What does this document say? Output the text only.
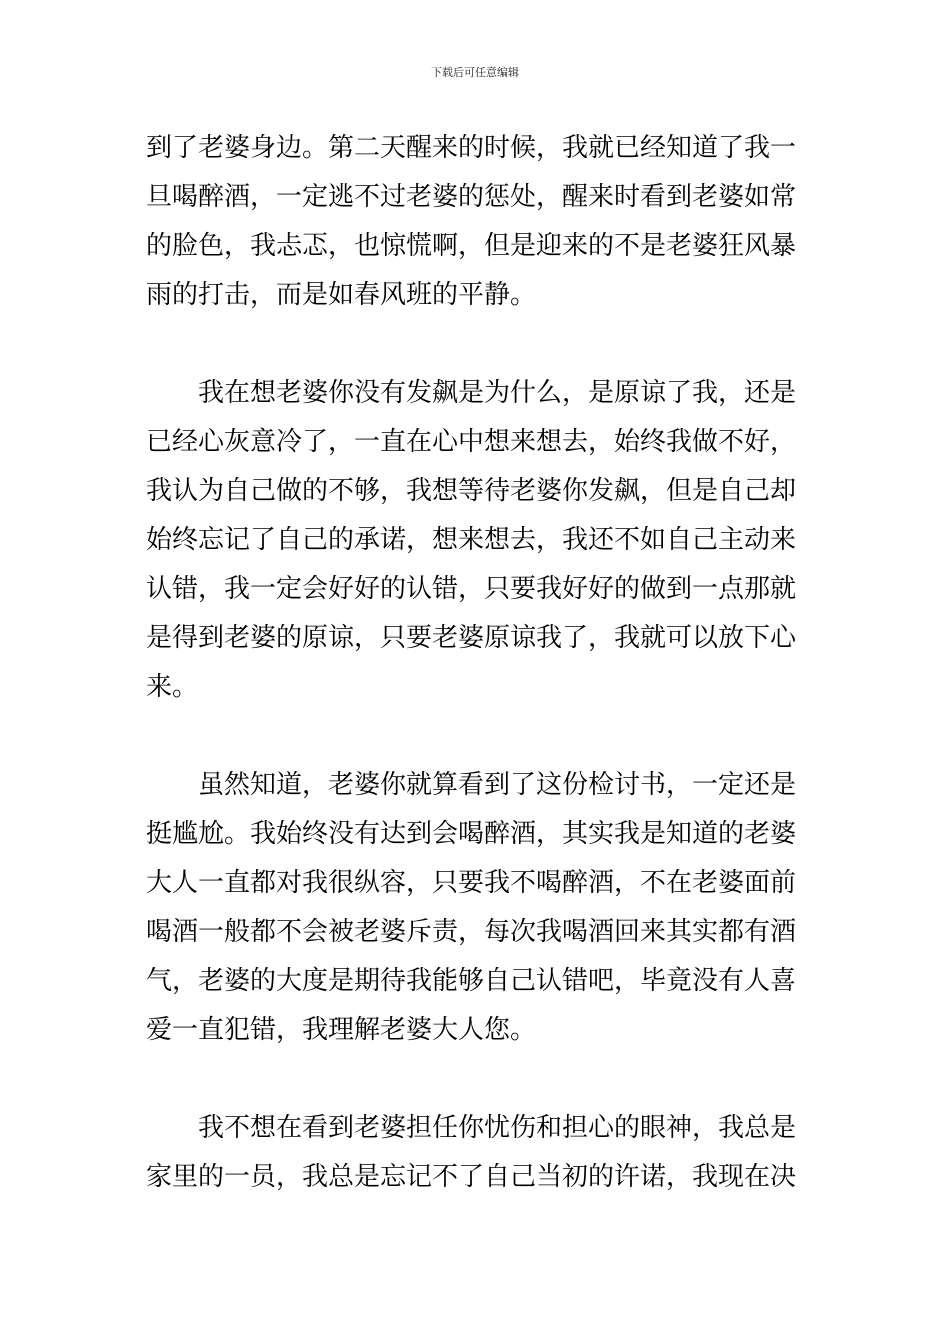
下载后可任意编辑
到了老婆身边。第二天醒来的时候，我就已经知道了我一
旦喝醉酒，一定逃不过老婆的惩处，醒来时看到老婆如常
的脸色，我忐忑，也惊慌啊，但是迎来的不是老婆狂风暴
雨的打击，而是如春风班的平静。
我在想老婆你没有发飙是为什么，是原谅了我，还是
已经心灰意冷了，一直在心中想来想去，始终我做不好，
我认为自己做的不够，我想等待老婆你发飙，但是自己却
始终忘记了自己的承诺，想来想去，我还不如自己主动来
认错，我一定会好好的认错，只要我好好的做到一点那就
是得到老婆的原谅，只要老婆原谅我了，我就可以放下心
来。
虽然知道，老婆你就算看到了这份检讨书，一定还是
挺尴尬。我始终没有达到会喝醉酒，其实我是知道的老婆
大人一直都对我很纵容，只要我不喝醉酒，不在老婆面前
喝酒一般都不会被老婆斥责，每次我喝酒回来其实都有酒
气，老婆的大度是期待我能够自己认错吧，毕竟没有人喜
爱一直犯错，我理解老婆大人您。
我不想在看到老婆担任你忧伤和担心的眼神，我总是
家里的一员，我总是忘记不了自己当初的许诺，我现在决
